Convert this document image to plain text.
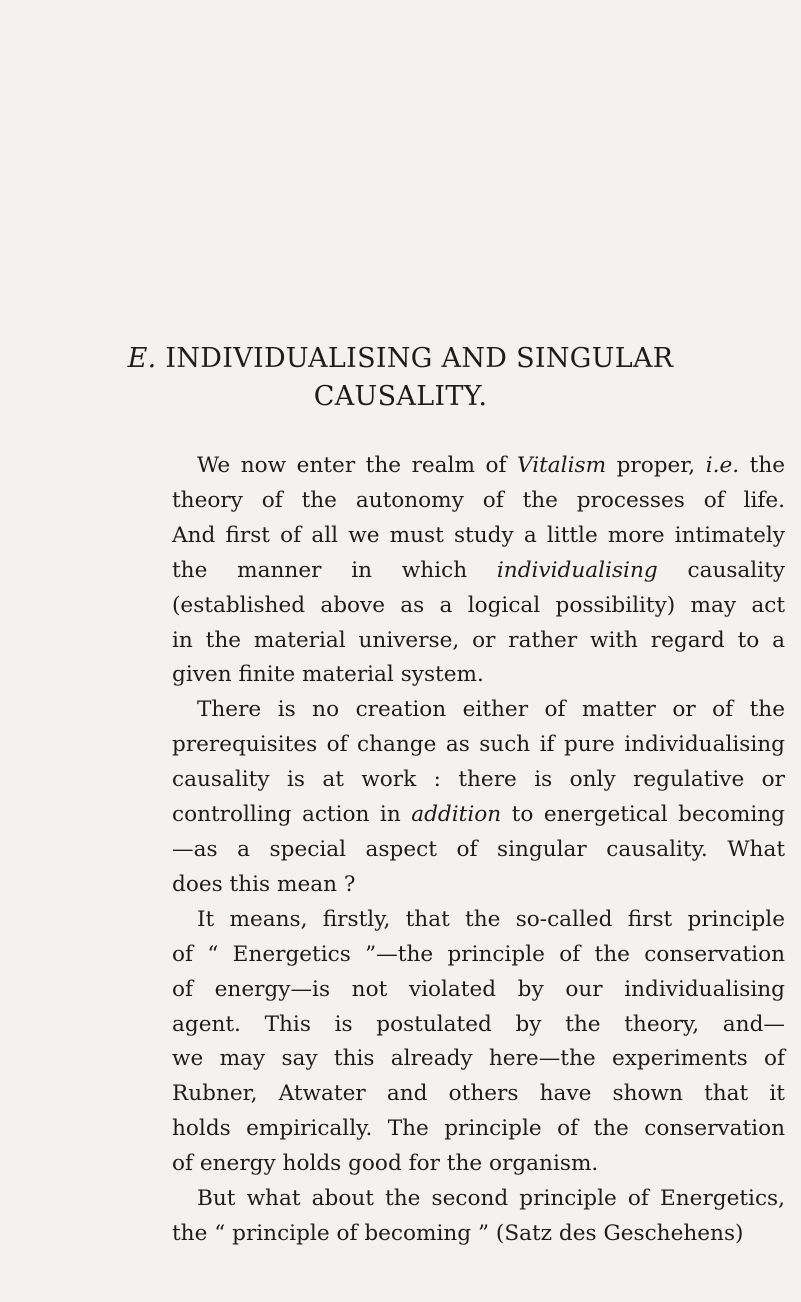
E. INDIVIDUALISING AND SINGULAR
CAUSALITY.
We now enter the realm of Vitalism proper, i.e. the
theory of the autonomy of the processes of life.
And first of all we must study a little more intimately
the manner in which individualising causality
(established above as a logical possibility) may act
in the material universe, or rather with regard to a
given finite material system.
There is no creation either of matter or of the
prerequisites of change as such if pure individualising
causality is at work : there is only regulative or
controlling action in addition to energetical becoming
—as a special aspect of singular causality. What
does this mean ?
It means, firstly, that the so-called first principle
of “ Energetics ”—the principle of the conservation
of energy—is not violated by our individualising
agent. This is postulated by the theory, and—
we may say this already here—the experiments of
Rubner, Atwater and others have shown that it
holds empirically. The principle of the conservation
of energy holds good for the organism.
But what about the second principle of Energetics,
the “ principle of becoming ” (Satz des Geschehens)
